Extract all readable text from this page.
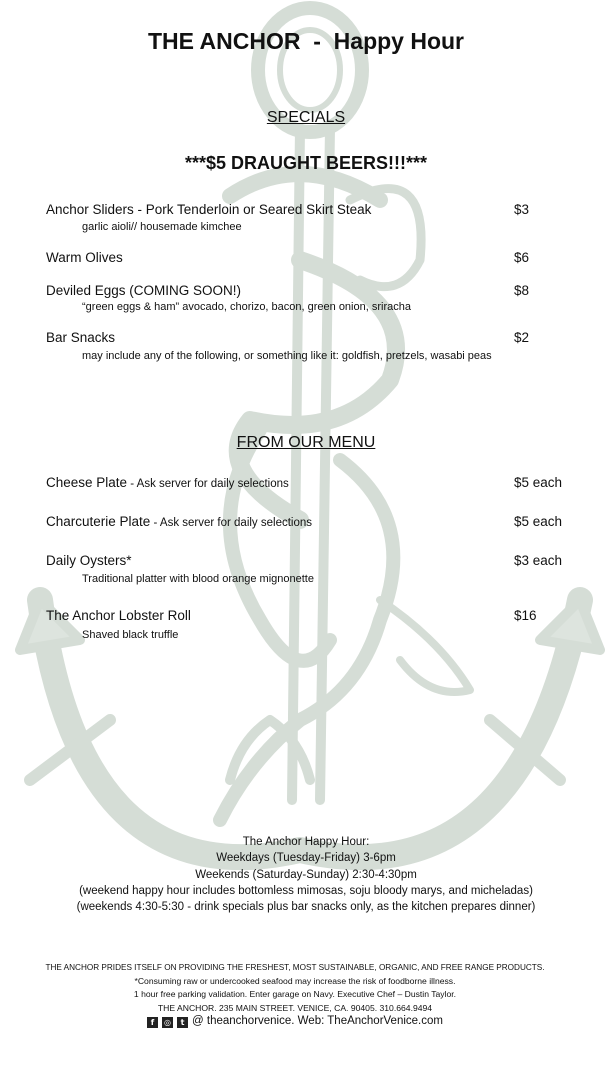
THE ANCHOR  -  Happy Hour
SPECIALS
***$5 DRAUGHT BEERS!!!***
Anchor Sliders - Pork Tenderloin or Seared Skirt Steak	$3
garlic aioli// housemade kimchee
Warm Olives	$6
Deviled Eggs (COMING SOON!)	$8
“green eggs & ham” avocado, chorizo, bacon, green onion, sriracha
Bar Snacks	$2
may include any of the following, or something like it: goldfish, pretzels, wasabi peas
FROM OUR MENU
Cheese Plate - Ask server for daily selections	$5 each
Charcuterie Plate - Ask server for daily selections	$5 each
Daily Oysters*	$3 each
Traditional platter with blood orange mignonette
The Anchor Lobster Roll	$16
Shaved black truffle
The Anchor Happy Hour:
Weekdays (Tuesday-Friday) 3-6pm
Weekends (Saturday-Sunday) 2:30-4:30pm
(weekend happy hour includes bottomless mimosas, soju bloody marys, and micheladas)
(weekends 4:30-5:30 - drink specials plus bar snacks only, as the kitchen prepares dinner)
THE ANCHOR PRIDES ITSELF ON PROVIDING THE FRESHEST, MOST SUSTAINABLE, ORGANIC, AND FREE RANGE PRODUCTS.
*Consuming raw or undercooked seafood may increase the risk of foodborne illness.
1 hour free parking validation. Enter garage on Navy. Executive Chef – Dustin Taylor.
THE ANCHOR. 235 MAIN STREET. VENICE, CA. 90405. 310.664.9494
f	◎	t @ theanchorvenice. Web: TheAnchorVenice.com
